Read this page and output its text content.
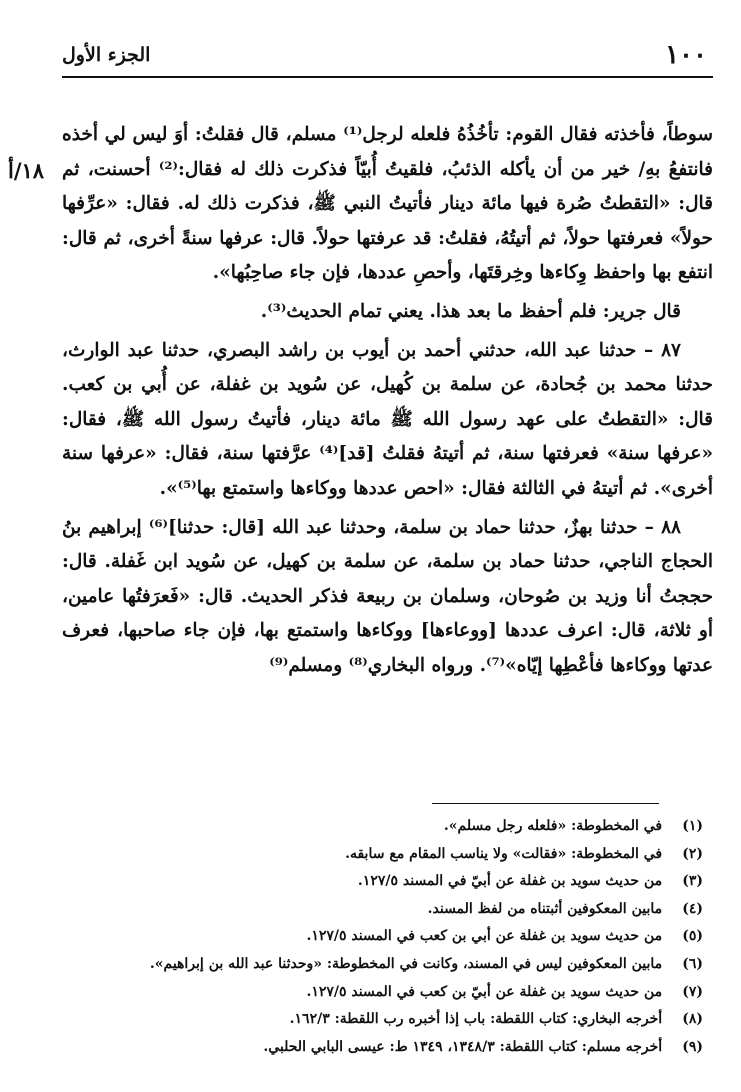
١٠٠
الجزء الأول
١٨/أ

سوطاً، فأخذته فقال القوم: تأخُذُهُ فلعله لرجل⁽¹⁾ مسلم، قال فقلتُ: أوَ ليس لي أخذه فانتفعُ بهِ/ خير من أن يأكله الذئبُ، فلقيتُ أُبيّاً فذكرت ذلك له فقال:⁽²⁾ أحسنت، ثم قال: «التقطتُ صُرة فيها مائة دينار فأتيتُ النبي ﷺ، فذكرت ذلك له. فقال: «عرِّفها حولاً» فعرفتها حولاً، ثم أتيتُهُ، فقلتُ: قد عرفتها حولاً. قال: عرفها سنةً أخرى، ثم قال: انتفع بها واحفظ وِكاءها وخِرقتَها، وأحصِ عددها، فإن جاء صاحِبُها».

قال جرير: فلم أحفظ ما بعد هذا. يعني تمام الحديث⁽³⁾.

٨٧ – حدثنا عبد الله، حدثني أحمد بن أيوب بن راشد البصري، حدثنا عبد الوارث، حدثنا محمد بن جُحادة، عن سلمة بن كُهيل، عن سُويد بن غفلة، عن أُبي بن كعب. قال: «التقطتُ على عهد رسول الله ﷺ مائة دينار، فأتيتُ رسول الله ﷺ، فقال: «عرفها سنة» فعرفتها سنة، ثم أتيتهُ فقلتُ [قد]⁽⁴⁾ عرَّفتها سنة، فقال: «عرفها سنة أخرى». ثم أتيتهُ في الثالثة فقال: «احص عددها ووكاءها واستمتع بها⁽⁵⁾».

٨٨ – حدثنا بهزٌ، حدثنا حماد بن سلمة، وحدثنا عبد الله [قال: حدثنا]⁽⁶⁾ إبراهيم بنُ الحجاج الناجي، حدثنا حماد بن سلمة، عن سلمة بن كهيل، عن سُويد ابن غَفلة. قال: حججتُ أنا وزيد بن صُوحان، وسلمان بن ربيعة فذكر الحديث. قال: «فَعرَفتُها عامين، أو ثلاثة، قال: اعرف عددها [ووعاءها] ووكاءها واستمتع بها، فإن جاء صاحبها، فعرف عدتها ووكاءها فأعْطِها إيّاه»⁽⁷⁾. ورواه البخاري⁽⁸⁾ ومسلم⁽⁹⁾

(١) في المخطوطة: «فلعله رجل مسلم».
(٢) في المخطوطة: «فقالت» ولا يناسب المقام مع سابقه.
(٣) من حديث سويد بن غفلة عن أبيّ في المسند ١٢٧/٥.
(٤) مابين المعكوفين أثبتناه من لفظ المسند.
(٥) من حديث سويد بن غفلة عن أبي بن كعب في المسند ١٢٧/٥.
(٦) مابين المعكوفين ليس في المسند، وكانت في المخطوطة: «وحدثنا عبد الله بن إبراهيم».
(٧) من حديث سويد بن غفلة عن أبيّ بن كعب في المسند ١٢٧/٥.
(٨) أخرجه البخاري: كتاب اللقطة: باب إذا أخبره رب اللقطة: ١٦٢/٣.
(٩) أخرجه مسلم: كتاب اللقطة: ١٣٤٨/٣، ١٣٤٩ ط: عيسى البابي الحلبي.
